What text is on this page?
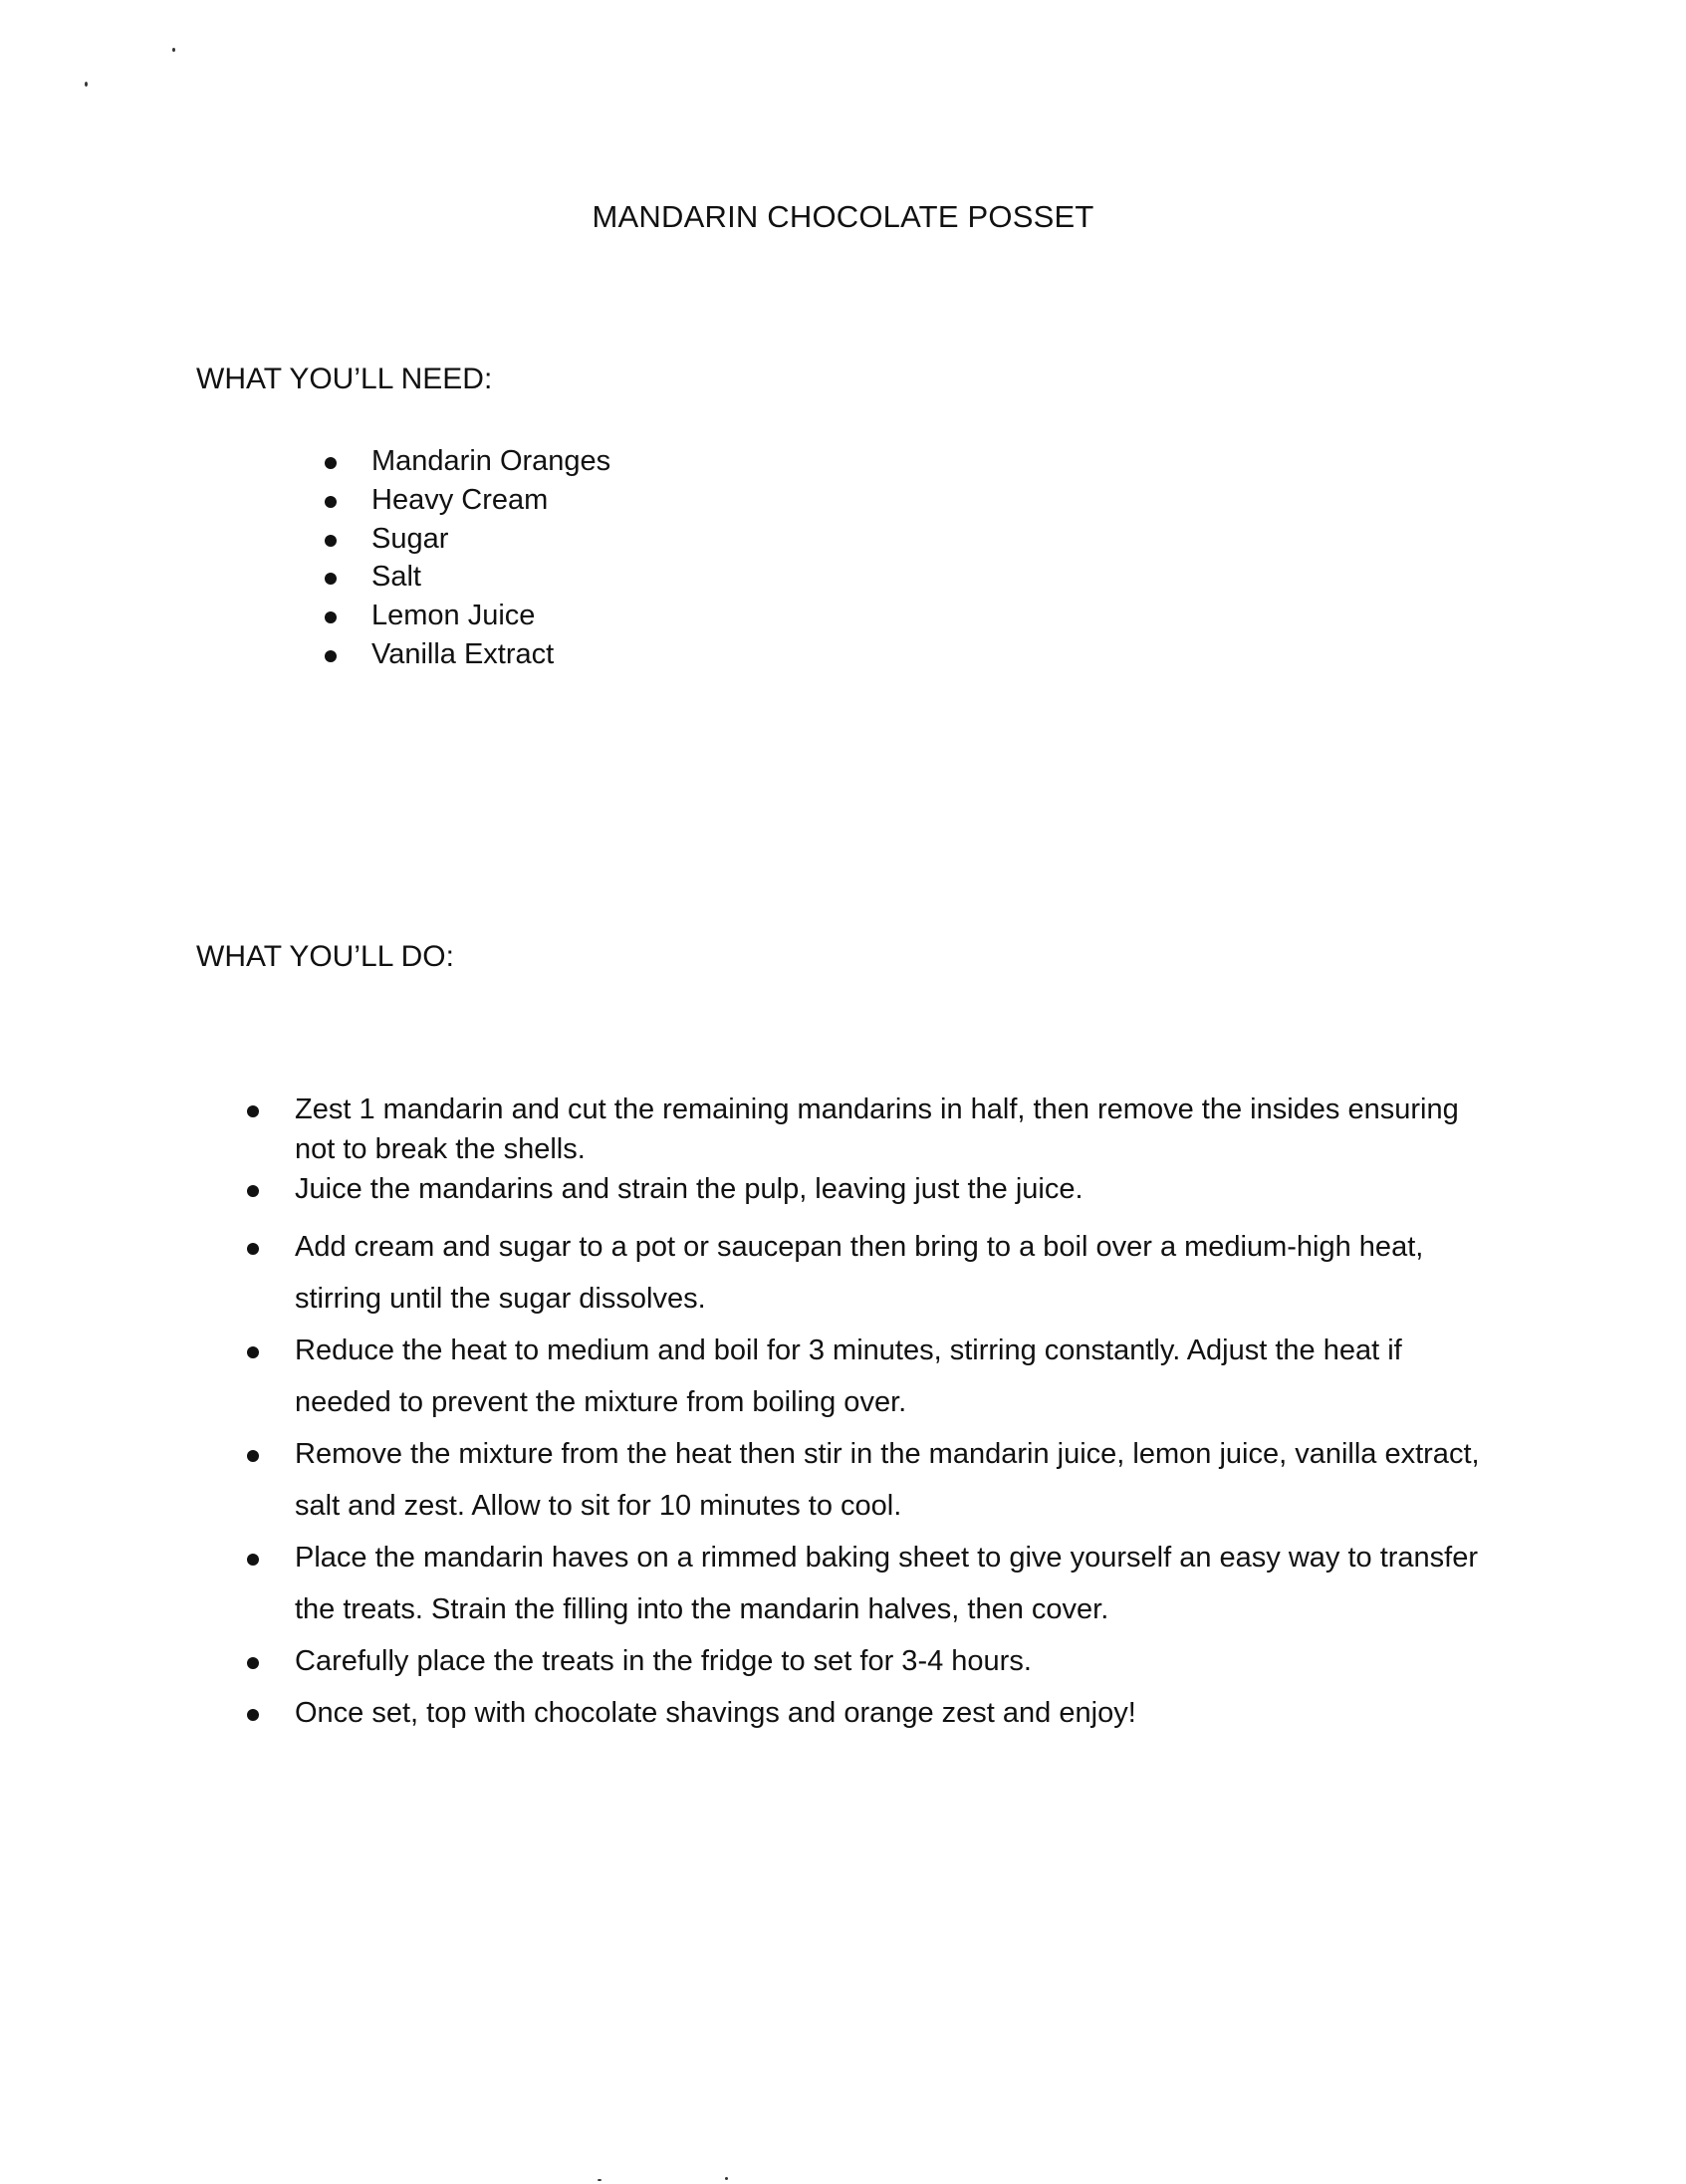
MANDARIN CHOCOLATE POSSET
WHAT YOU’LL NEED:
Mandarin Oranges
Heavy Cream
Sugar
Salt
Lemon Juice
Vanilla Extract
WHAT YOU’LL DO:
Zest 1 mandarin and cut the remaining mandarins in half, then remove the insides ensuring not to break the shells.
Juice the mandarins and strain the pulp, leaving just the juice.
Add cream and sugar to a pot or saucepan then bring to a boil over a medium-high heat, stirring until the sugar dissolves.
Reduce the heat to medium and boil for 3 minutes, stirring constantly. Adjust the heat if needed to prevent the mixture from boiling over.
Remove the mixture from the heat then stir in the mandarin juice, lemon juice, vanilla extract, salt and zest. Allow to sit for 10 minutes to cool.
Place the mandarin haves on a rimmed baking sheet to give yourself an easy way to transfer the treats. Strain the filling into the mandarin halves, then cover.
Carefully place the treats in the fridge to set for 3-4 hours.
Once set, top with chocolate shavings and orange zest and enjoy!
